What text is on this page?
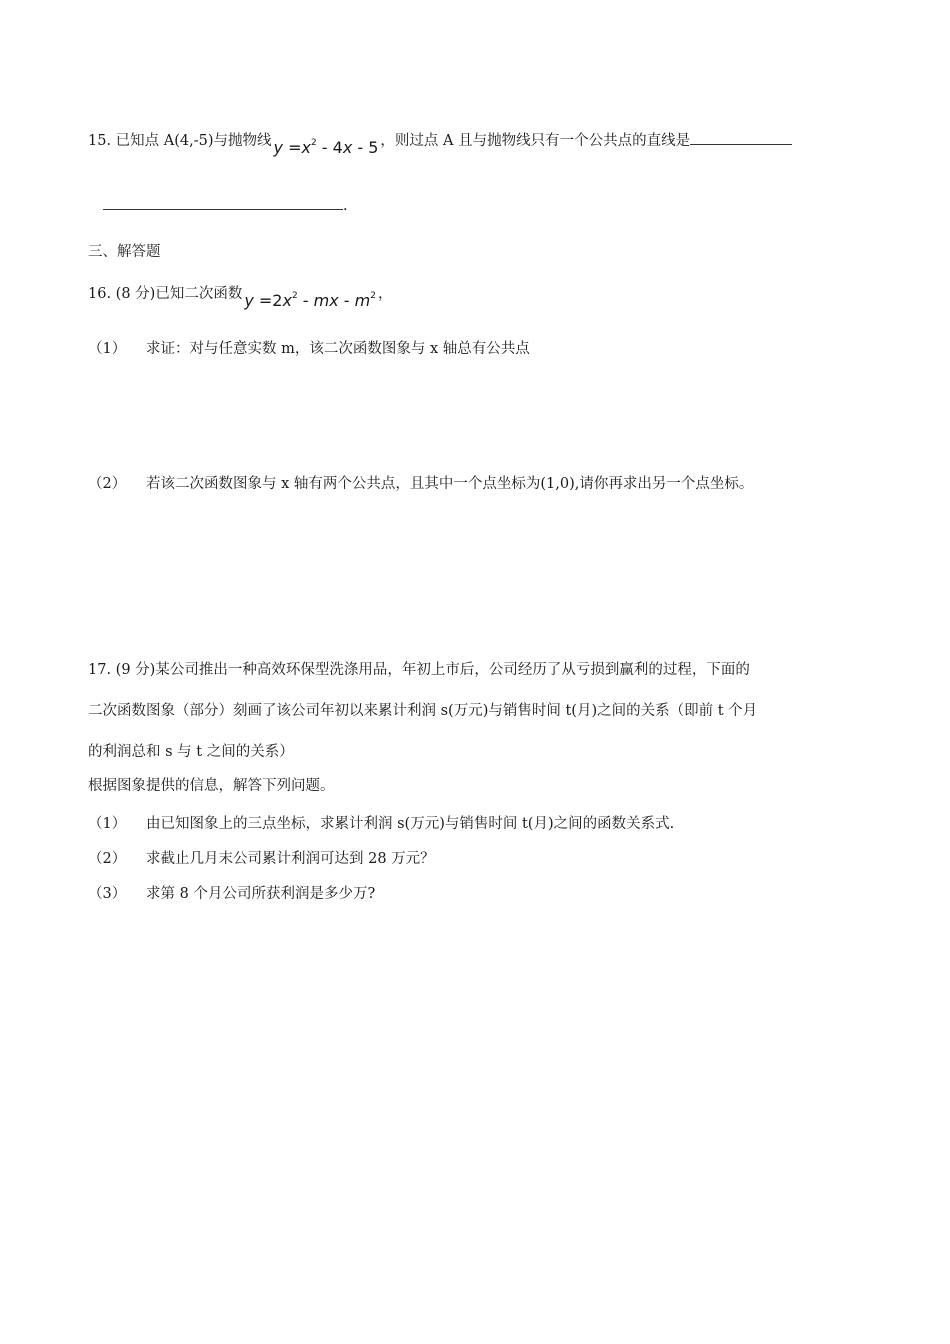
15. 已知点 A(4,-5)与抛物线 $y =x^2 - 4x - 5$ ，则过点 A 且与抛物线只有一个公共点的直线是
.
三、解答题
16. (8 分)已知二次函数 $y =2x^2$ - mx - $m^2$ ，
（1） 求证：对与任意实数 m，该二次函数图象与 x 轴总有公共点
（2） 若该二次函数图象与 x 轴有两个公共点，且其中一个点坐标为(1,0),请你再求出另一个点坐标。
17. (9 分)某公司推出一种高效环保型洗涤用品，年初上市后，公司经历了从亏损到赢利的过程，下面的
二次函数图象（部分）刻画了该公司年初以来累计利润 s(万元)与销售时间 t(月)之间的关系（即前 t 个月
的利润总和 s 与 t 之间的关系）
根据图象提供的信息，解答下列问题。
（1） 由已知图象上的三点坐标，求累计利润 s(万元)与销售时间 t(月)之间的函数关系式.
（2） 求截止几月末公司累计利润可达到 28 万元？
（3） 求第 8 个月公司所获利润是多少万?
